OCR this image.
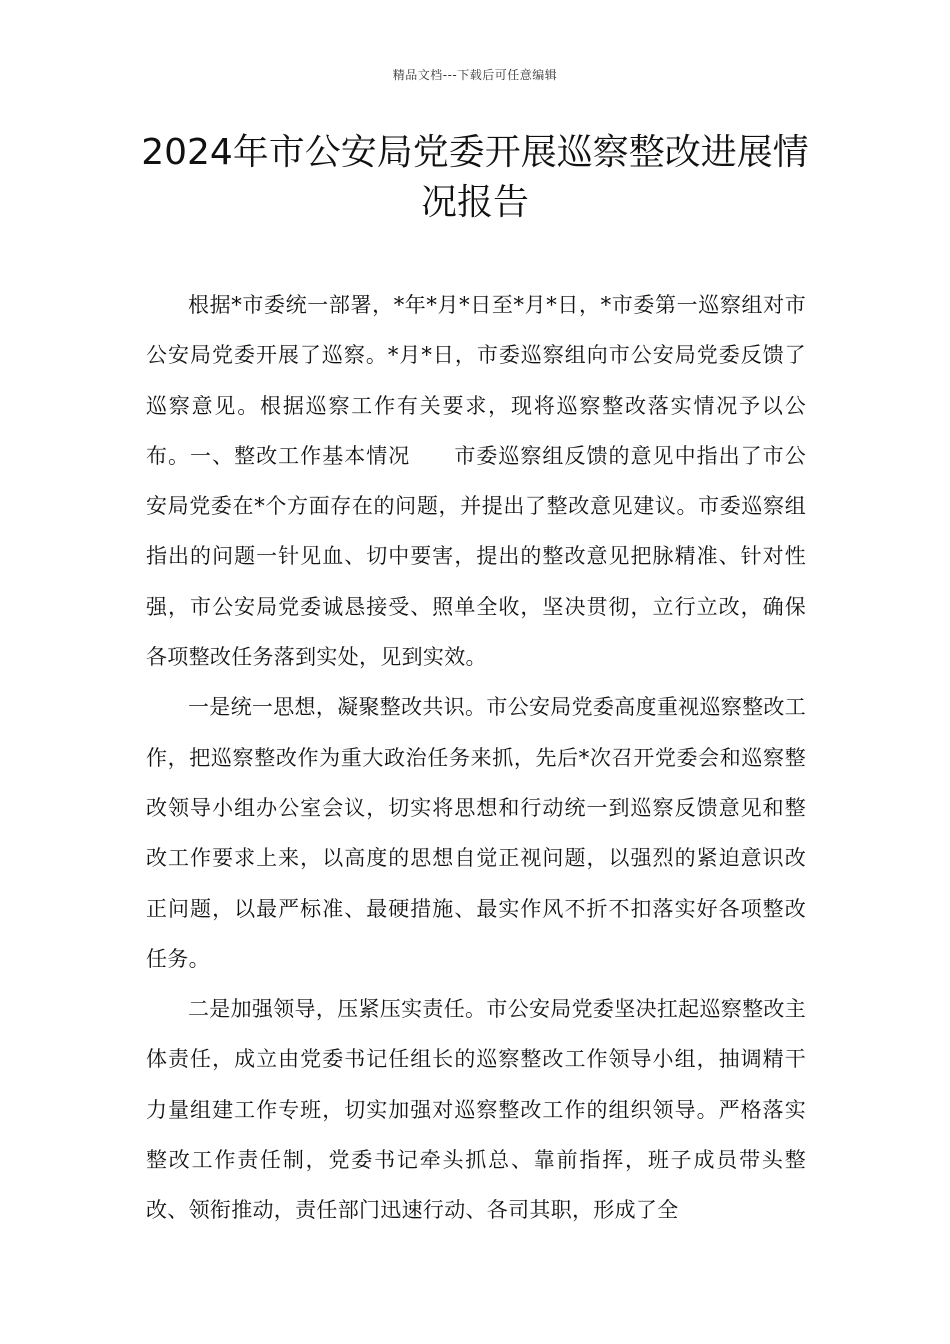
精品文档---下载后可任意编辑
2024年市公安局党委开展巡察整改进展情况报告

根据*市委统一部署，*年*月*日至*月*日，*市委第一巡察组对市公安局党委开展了巡察。*月*日，市委巡察组向市公安局党委反馈了巡察意见。根据巡察工作有关要求，现将巡察整改落实情况予以公布。一、整改工作基本情况　　市委巡察组反馈的意见中指出了市公安局党委在*个方面存在的问题，并提出了整改意见建议。市委巡察组指出的问题一针见血、切中要害，提出的整改意见把脉精准、针对性强，市公安局党委诚恳接受、照单全收，坚决贯彻，立行立改，确保各项整改任务落到实处，见到实效。

一是统一思想，凝聚整改共识。市公安局党委高度重视巡察整改工作，把巡察整改作为重大政治任务来抓，先后*次召开党委会和巡察整改领导小组办公室会议，切实将思想和行动统一到巡察反馈意见和整改工作要求上来，以高度的思想自觉正视问题，以强烈的紧迫意识改正问题，以最严标准、最硬措施、最实作风不折不扣落实好各项整改任务。

二是加强领导，压紧压实责任。市公安局党委坚决扛起巡察整改主体责任，成立由党委书记任组长的巡察整改工作领导小组，抽调精干力量组建工作专班，切实加强对巡察整改工作的组织领导。严格落实整改工作责任制，党委书记牵头抓总、靠前指挥，班子成员带头整改、领衔推动，责任部门迅速行动、各司其职，形成了全
